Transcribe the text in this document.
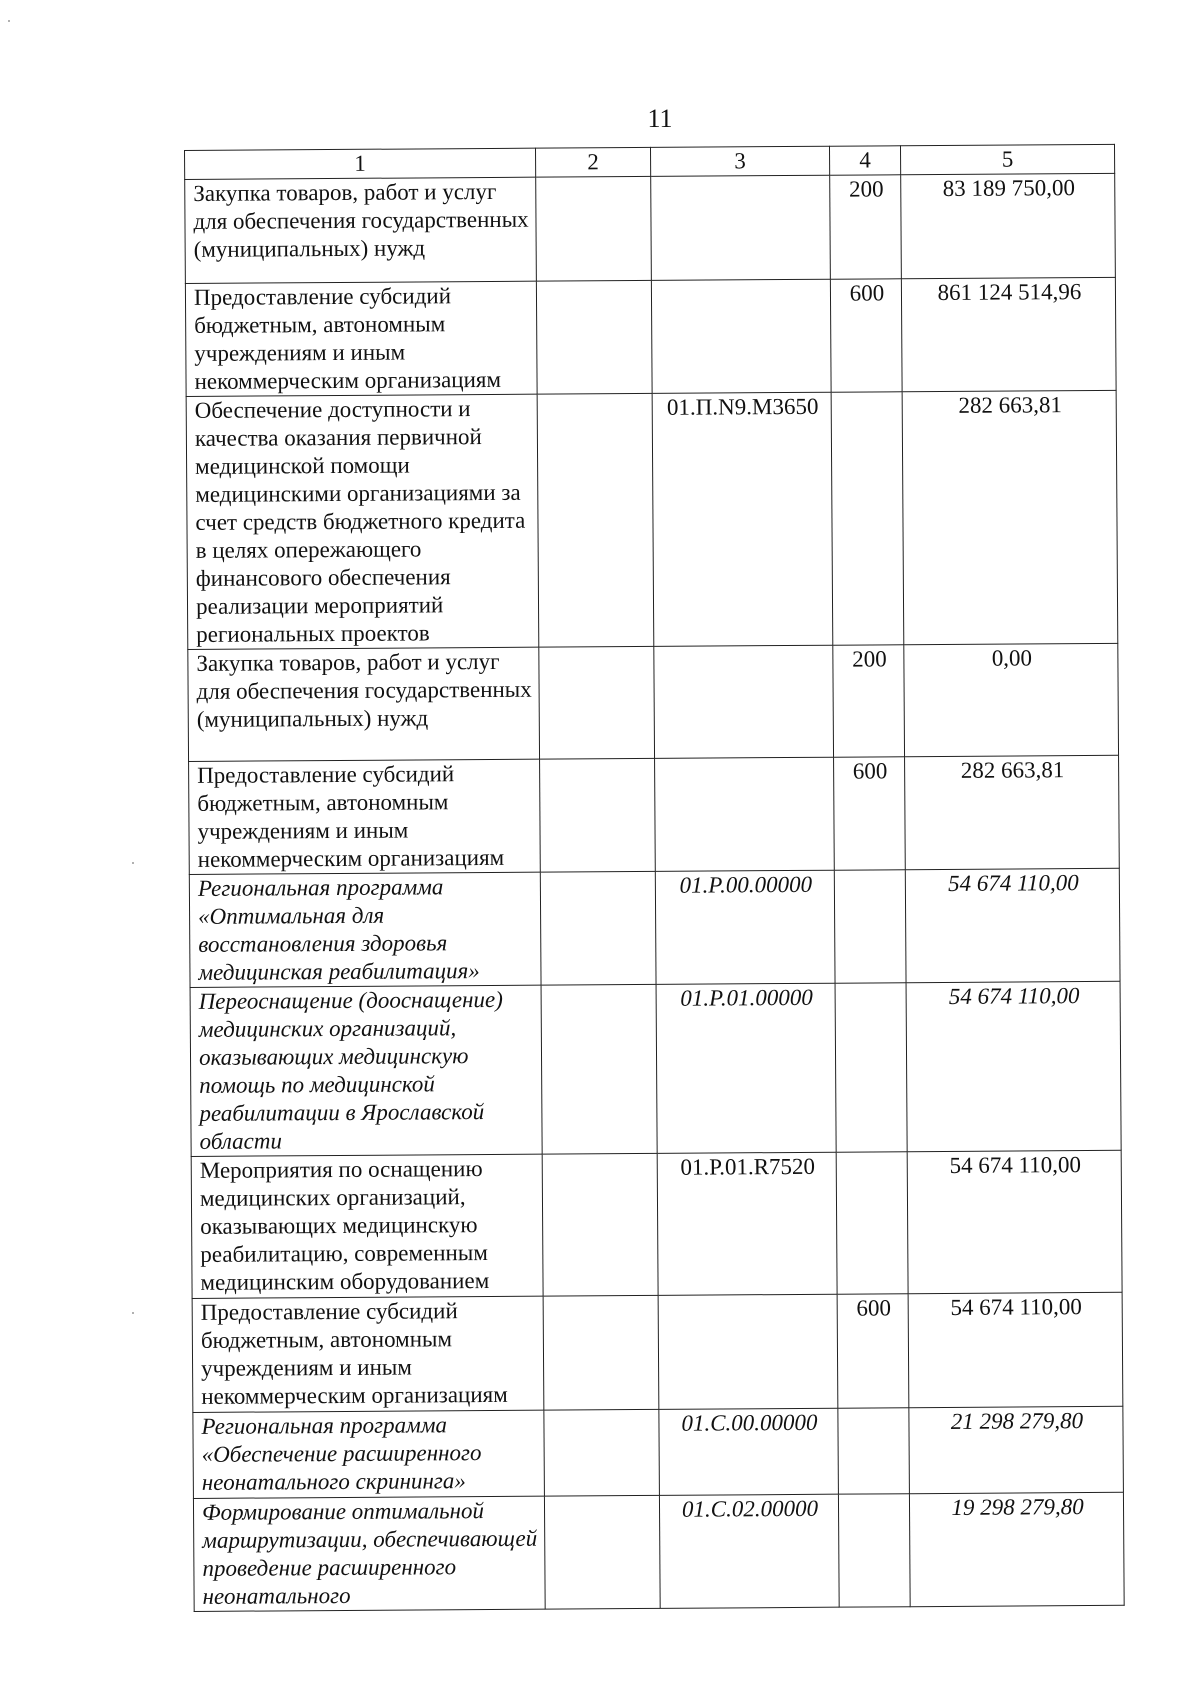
11
1	2	3	4	5
Закупка товаров, работ и услуг для обеспечения государственных (муниципальных) нужд			200	83 189 750,00
Предоставление субсидий бюджетным, автономным учреждениям и иным некоммерческим организациям			600	861 124 514,96
Обеспечение доступности и качества оказания первичной медицинской помощи медицинскими организациями за счет средств бюджетного кредита в целях опережающего финансового обеспечения реализации мероприятий региональных проектов		01.П.N9.М3650		282 663,81
Закупка товаров, работ и услуг для обеспечения государственных (муниципальных) нужд			200	0,00
Предоставление субсидий бюджетным, автономным учреждениям и иным некоммерческим организациям			600	282 663,81
Региональная программа «Оптимальная для восстановления здоровья медицинская реабилитация»		01.Р.00.00000		54 674 110,00
Переоснащение (дооснащение) медицинских организаций, оказывающих медицинскую помощь по медицинской реабилитации в Ярославской области		01.Р.01.00000		54 674 110,00
Мероприятия по оснащению медицинских организаций, оказывающих медицинскую реабилитацию, современным медицинским оборудованием		01.Р.01.R7520		54 674 110,00
Предоставление субсидий бюджетным, автономным учреждениям и иным некоммерческим организациям			600	54 674 110,00
Региональная программа «Обеспечение расширенного неонатального скрининга»		01.С.00.00000		21 298 279,80
Формирование оптимальной маршрутизации, обеспечивающей проведение расширенного неонатального		01.С.02.00000		19 298 279,80
